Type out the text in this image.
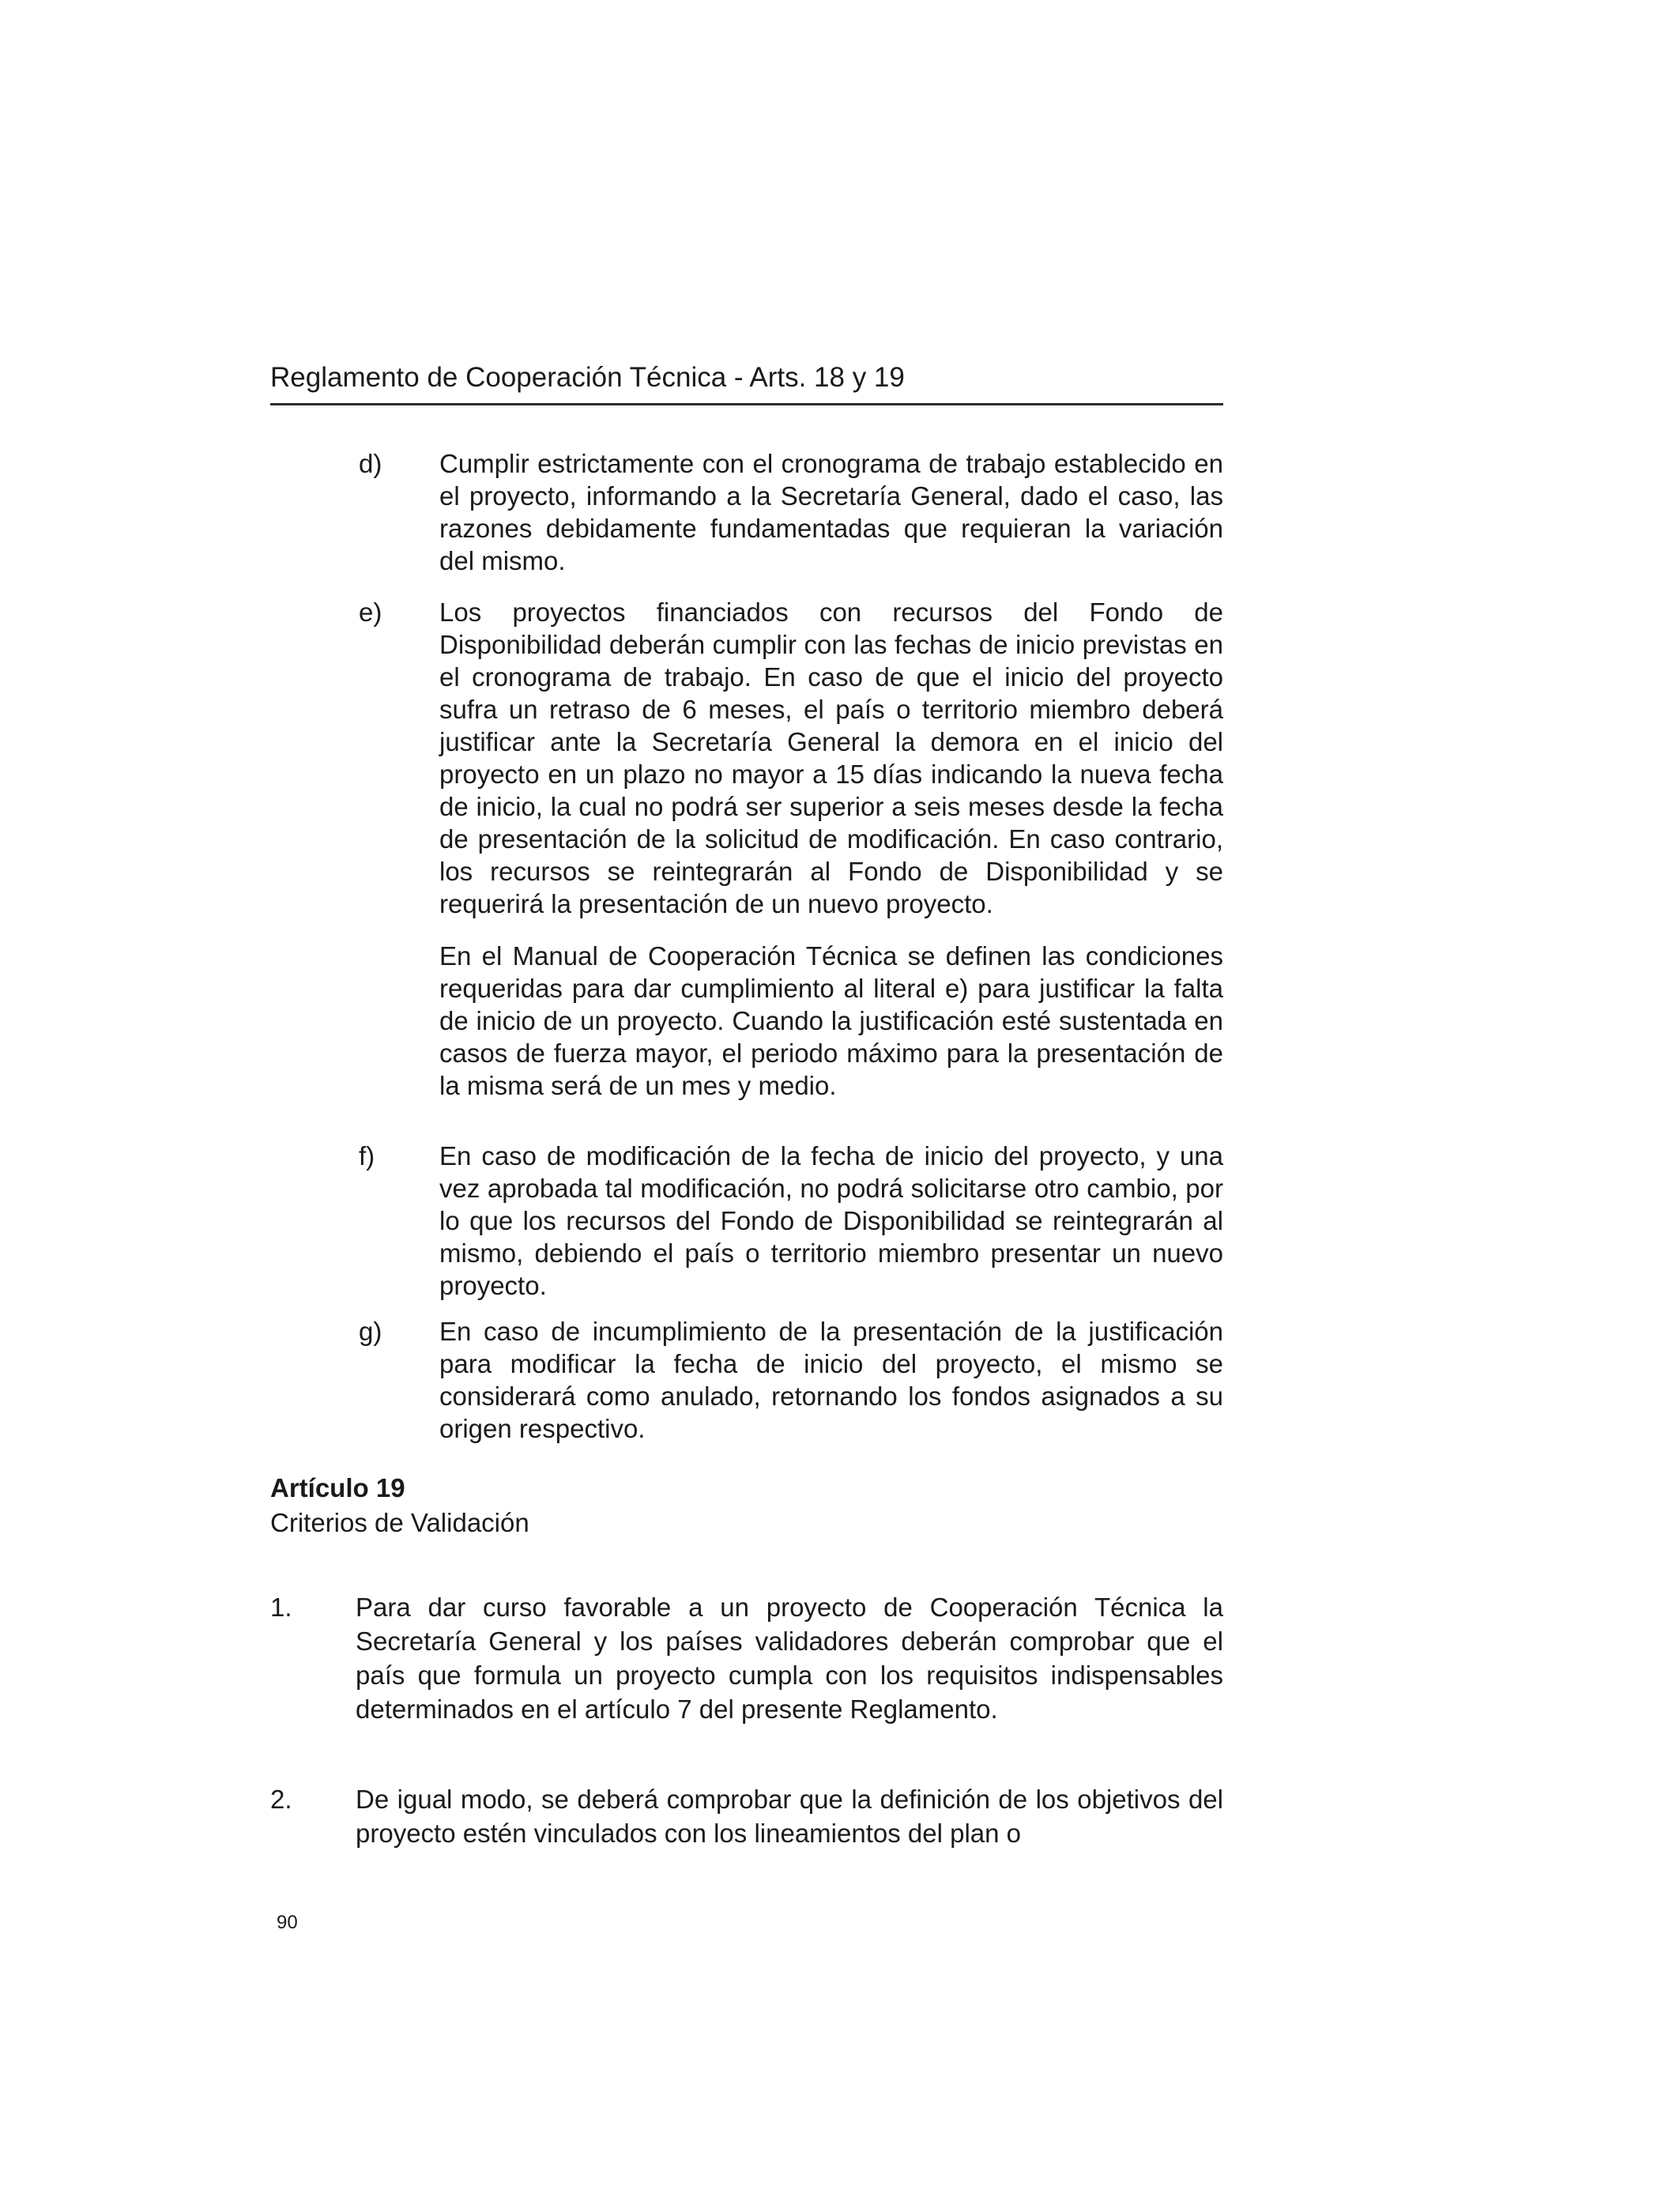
Reglamento de Cooperación Técnica - Arts. 18 y 19
d) Cumplir estrictamente con el cronograma de trabajo establecido en el proyecto, informando a la Secretaría General, dado el caso, las razones debidamente fundamentadas que requieran la variación del mismo.

e) Los proyectos financiados con recursos del Fondo de Disponibilidad deberán cumplir con las fechas de inicio previstas en el cronograma de trabajo. En caso de que el inicio del proyecto sufra un retraso de 6 meses, el país o territorio miembro deberá justificar ante la Secretaría General la demora en el inicio del proyecto en un plazo no mayor a 15 días indicando la nueva fecha de inicio, la cual no podrá ser superior a seis meses desde la fecha de presentación de la solicitud de modificación. En caso contrario, los recursos se reintegrarán al Fondo de Disponibilidad y se requerirá la presentación de un nuevo proyecto.

En el Manual de Cooperación Técnica se definen las condiciones requeridas para dar cumplimiento al literal e) para justificar la falta de inicio de un proyecto. Cuando la justificación esté sustentada en casos de fuerza mayor, el periodo máximo para la presentación de la misma será de un mes y medio.

f) En caso de modificación de la fecha de inicio del proyecto, y una vez aprobada tal modificación, no podrá solicitarse otro cambio, por lo que los recursos del Fondo de Disponibilidad se reintegrarán al mismo, debiendo el país o territorio miembro presentar un nuevo proyecto.

g) En caso de incumplimiento de la presentación de la justificación para modificar la fecha de inicio del proyecto, el mismo se considerará como anulado, retornando los fondos asignados a su origen respectivo.

Artículo 19
Criterios de Validación
1. Para dar curso favorable a un proyecto de Cooperación Técnica la Secretaría General y los países validadores deberán comprobar que el país que formula un proyecto cumpla con los requisitos indispensables determinados en el artículo 7 del presente Reglamento.
2. De igual modo, se deberá comprobar que la definición de los objetivos del proyecto estén vinculados con los lineamientos del plan o
90
